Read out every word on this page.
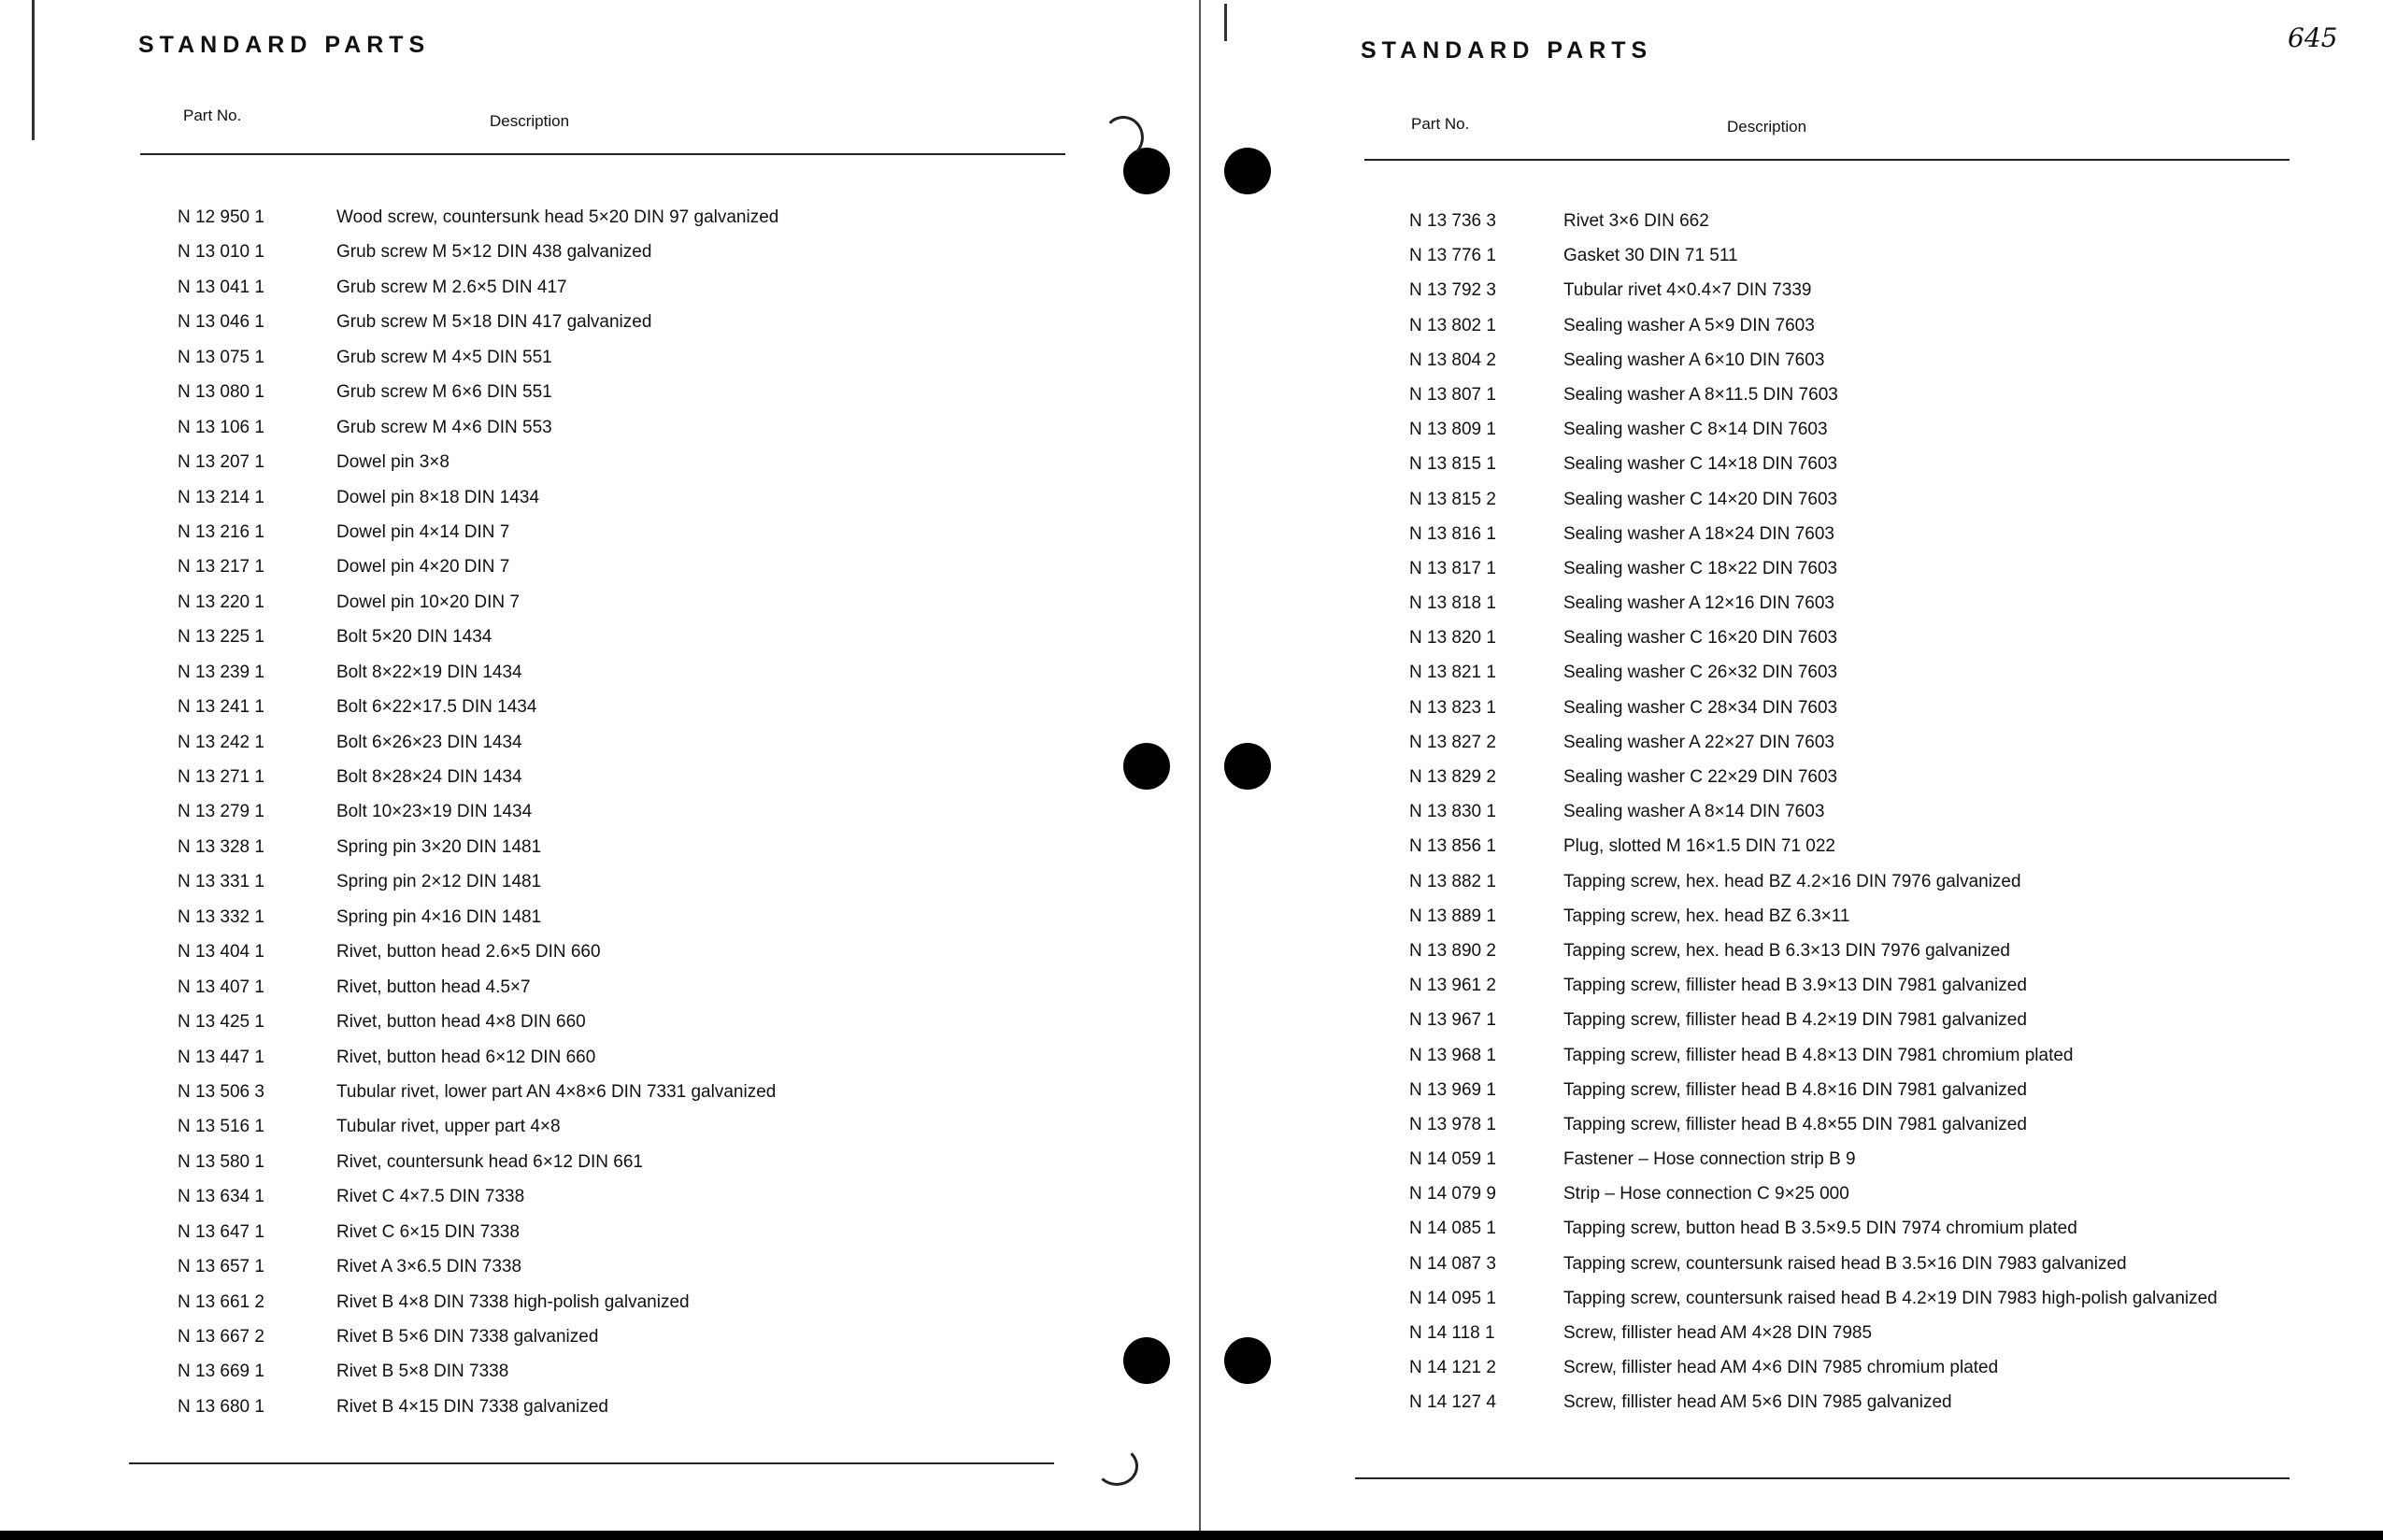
STANDARD PARTS
Part No.	Description
N 12 950 1	Wood screw, countersunk head 5×20 DIN 97 galvanized
N 13 010 1	Grub screw M 5×12 DIN 438 galvanized
N 13 041 1	Grub screw M 2.6×5 DIN 417
N 13 046 1	Grub screw M 5×18 DIN 417 galvanized
N 13 075 1	Grub screw M 4×5 DIN 551
N 13 080 1	Grub screw M 6×6 DIN 551
N 13 106 1	Grub screw M 4×6 DIN 553
N 13 207 1	Dowel pin 3×8
N 13 214 1	Dowel pin 8×18 DIN 1434
N 13 216 1	Dowel pin 4×14 DIN 7
N 13 217 1	Dowel pin 4×20 DIN 7
N 13 220 1	Dowel pin 10×20 DIN 7
N 13 225 1	Bolt 5×20 DIN 1434
N 13 239 1	Bolt 8×22×19 DIN 1434
N 13 241 1	Bolt 6×22×17.5 DIN 1434
N 13 242 1	Bolt 6×26×23 DIN 1434
N 13 271 1	Bolt 8×28×24 DIN 1434
N 13 279 1	Bolt 10×23×19 DIN 1434
N 13 328 1	Spring pin 3×20 DIN 1481
N 13 331 1	Spring pin 2×12 DIN 1481
N 13 332 1	Spring pin 4×16 DIN 1481
N 13 404 1	Rivet, button head 2.6×5 DIN 660
N 13 407 1	Rivet, button head 4.5×7
N 13 425 1	Rivet, button head 4×8 DIN 660
N 13 447 1	Rivet, button head 6×12 DIN 660
N 13 506 3	Tubular rivet, lower part AN 4×8×6 DIN 7331 galvanized
N 13 516 1	Tubular rivet, upper part 4×8
N 13 580 1	Rivet, countersunk head 6×12 DIN 661
N 13 634 1	Rivet C 4×7.5 DIN 7338
N 13 647 1	Rivet C 6×15 DIN 7338
N 13 657 1	Rivet A 3×6.5 DIN 7338
N 13 661 2	Rivet B 4×8 DIN 7338 high-polish galvanized
N 13 667 2	Rivet B 5×6 DIN 7338 galvanized
N 13 669 1	Rivet B 5×8 DIN 7338
N 13 680 1	Rivet B 4×15 DIN 7338 galvanized
STANDARD PARTS	645
Part No.	Description
N 13 736 3	Rivet 3×6 DIN 662
N 13 776 1	Gasket 30 DIN 71 511
N 13 792 3	Tubular rivet 4×0.4×7 DIN 7339
N 13 802 1	Sealing washer A 5×9 DIN 7603
N 13 804 2	Sealing washer A 6×10 DIN 7603
N 13 807 1	Sealing washer A 8×11.5 DIN 7603
N 13 809 1	Sealing washer C 8×14 DIN 7603
N 13 815 1	Sealing washer C 14×18 DIN 7603
N 13 815 2	Sealing washer C 14×20 DIN 7603
N 13 816 1	Sealing washer A 18×24 DIN 7603
N 13 817 1	Sealing washer C 18×22 DIN 7603
N 13 818 1	Sealing washer A 12×16 DIN 7603
N 13 820 1	Sealing washer C 16×20 DIN 7603
N 13 821 1	Sealing washer C 26×32 DIN 7603
N 13 823 1	Sealing washer C 28×34 DIN 7603
N 13 827 2	Sealing washer A 22×27 DIN 7603
N 13 829 2	Sealing washer C 22×29 DIN 7603
N 13 830 1	Sealing washer A 8×14 DIN 7603
N 13 856 1	Plug, slotted M 16×1.5 DIN 71 022
N 13 882 1	Tapping screw, hex. head BZ 4.2×16 DIN 7976 galvanized
N 13 889 1	Tapping screw, hex. head BZ 6.3×11
N 13 890 2	Tapping screw, hex. head B 6.3×13 DIN 7976 galvanized
N 13 961 2	Tapping screw, fillister head B 3.9×13 DIN 7981 galvanized
N 13 967 1	Tapping screw, fillister head B 4.2×19 DIN 7981 galvanized
N 13 968 1	Tapping screw, fillister head B 4.8×13 DIN 7981 chromium plated
N 13 969 1	Tapping screw, fillister head B 4.8×16 DIN 7981 galvanized
N 13 978 1	Tapping screw, fillister head B 4.8×55 DIN 7981 galvanized
N 14 059 1	Fastener – Hose connection strip B 9
N 14 079 9	Strip – Hose connection C 9×25 000
N 14 085 1	Tapping screw, button head B 3.5×9.5 DIN 7974 chromium plated
N 14 087 3	Tapping screw, countersunk raised head B 3.5×16 DIN 7983 galvanized
N 14 095 1	Tapping screw, countersunk raised head B 4.2×19 DIN 7983 high-polish galvanized
N 14 118 1	Screw, fillister head AM 4×28 DIN 7985
N 14 121 2	Screw, fillister head AM 4×6 DIN 7985 chromium plated
N 14 127 4	Screw, fillister head AM 5×6 DIN 7985 galvanized
